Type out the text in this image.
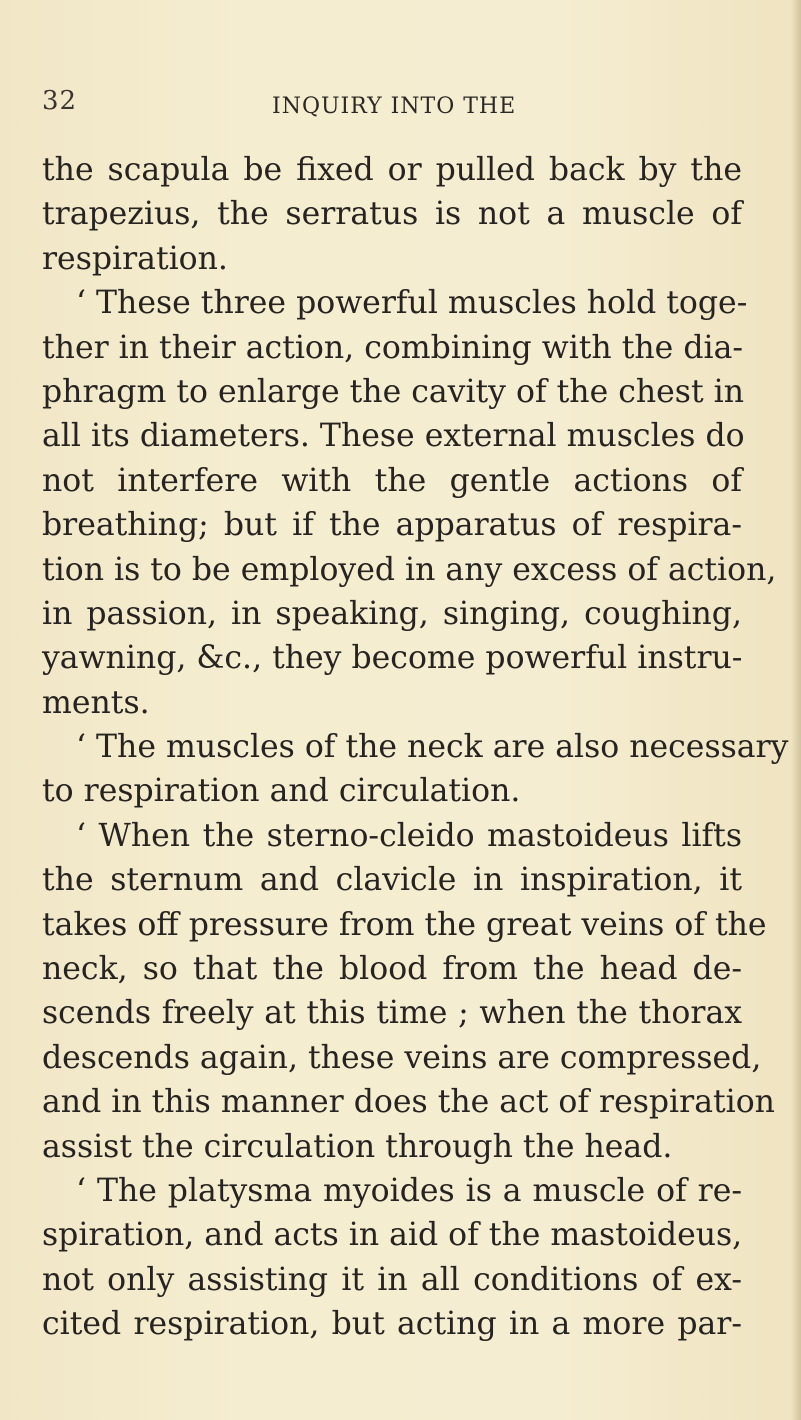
32	INQUIRY INTO THE
the scapula be fixed or pulled back by the
trapezius, the serratus is not a muscle of
respiration.
‘ These three powerful muscles hold toge-
ther in their action, combining with the dia-
phragm to enlarge the cavity of the chest in
all its diameters. These external muscles do
not interfere with the gentle actions of
breathing; but if the apparatus of respira-
tion is to be employed in any excess of action,
in passion, in speaking, singing, coughing,
yawning, &c., they become powerful instru-
ments.
‘ The muscles of the neck are also necessary
to respiration and circulation.
‘ When the sterno-cleido mastoideus lifts
the sternum and clavicle in inspiration, it
takes off pressure from the great veins of the
neck, so that the blood from the head de-
scends freely at this time ; when the thorax
descends again, these veins are compressed,
and in this manner does the act of respiration
assist the circulation through the head.
‘ The platysma myoides is a muscle of re-
spiration, and acts in aid of the mastoideus,
not only assisting it in all conditions of ex-
cited respiration, but acting in a more par-
